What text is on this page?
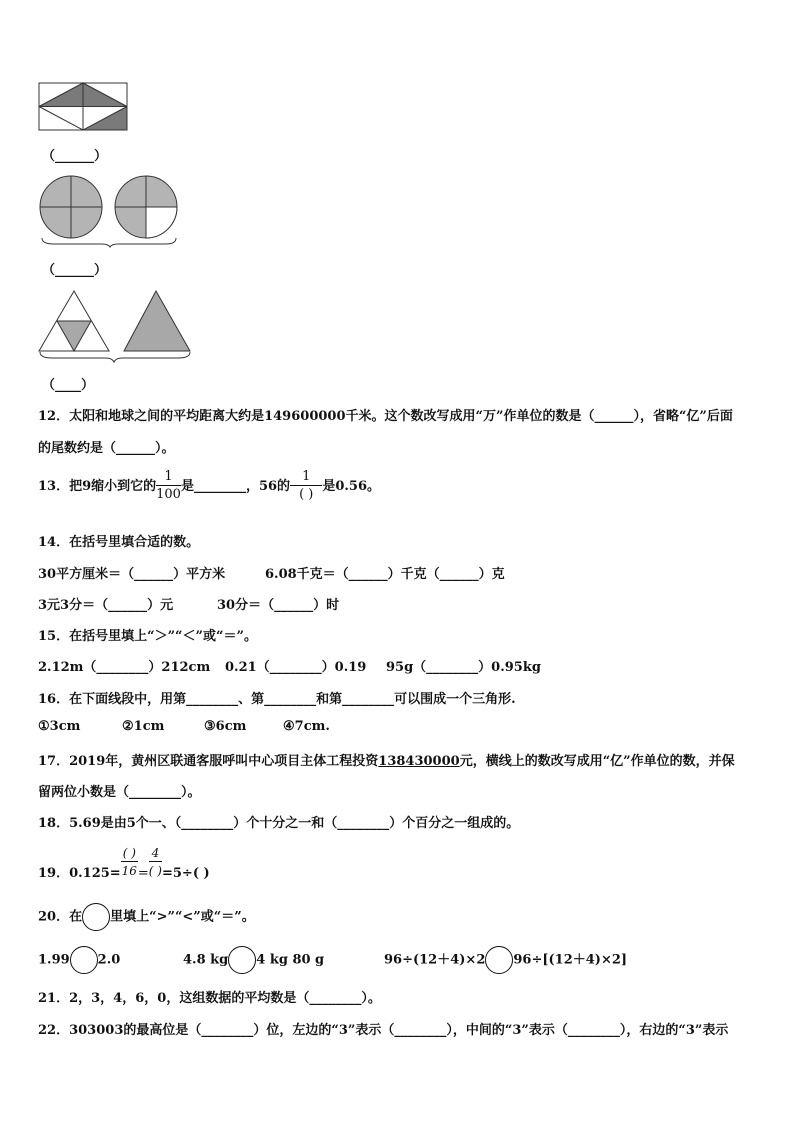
（______）
（______）
（____）
12．太阳和地球之间的平均距离大约是149600000千米。这个数改写成用“万”作单位的数是（______），省略“亿”后面
的尾数约是（______）。
13．把9缩小到它的 $\frac{1}{100}$ 是________，56的 $\frac{1}{( )}$ 是0.56。
14．在括号里填合适的数。
30平方厘米＝（______）平方米	6.08千克＝（______）千克（______）克
3元3分＝（______）元	30分＝（______）时
15．在括号里填上“＞”“＜”或“＝”。
2.12m（________）212cm 0.21（________）0.19 95g（________）0.95kg
16．在下面线段中，用第________、第________和第________可以围成一个三角形.
①3cm	②1cm	③6cm	④7cm.
17．2019年，黄州区联通客服呼叫中心项目主体工程投资138430000元，横线上的数改写成用“亿”作单位的数，并保
留两位小数是（________）。
18．5.69是由5个一、（________）个十分之一和（________）个百分之一组成的。
19．$0.125= \frac{( )}{16} = \frac{4}{( )} =5\div$( )
20．在 里填上“>”“<”或“＝”。
1.99 2.0	4.8 kg 4 kg 80 g	96÷(12＋4)×2 96÷[(12＋4)×2]
21．2，3，4，6，0，这组数据的平均数是（________）。
22．303003的最高位是（________）位，左边的“3”表示（________），中间的“3”表示（________），右边的“3”表示
